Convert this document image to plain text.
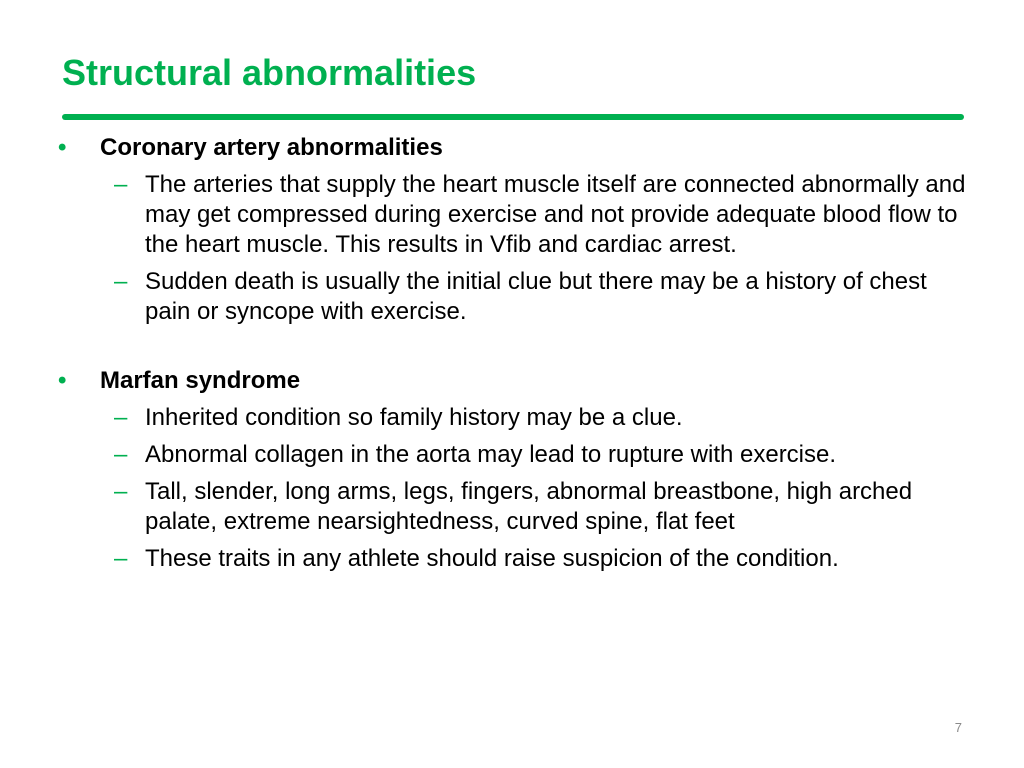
Structural abnormalities
• Coronary artery abnormalities
– The arteries that supply the heart muscle itself are connected abnormally and may get compressed during exercise and not provide adequate blood flow to the heart muscle. This results in Vfib and cardiac arrest.
– Sudden death is usually the initial clue but there may be a history of chest pain or syncope with exercise.
• Marfan syndrome
– Inherited condition so family history may be a clue.
– Abnormal collagen in the aorta may lead to rupture with exercise.
– Tall, slender, long arms, legs, fingers, abnormal breastbone, high arched palate, extreme nearsightedness, curved spine, flat feet
– These traits in any athlete should raise suspicion of the condition.
7
